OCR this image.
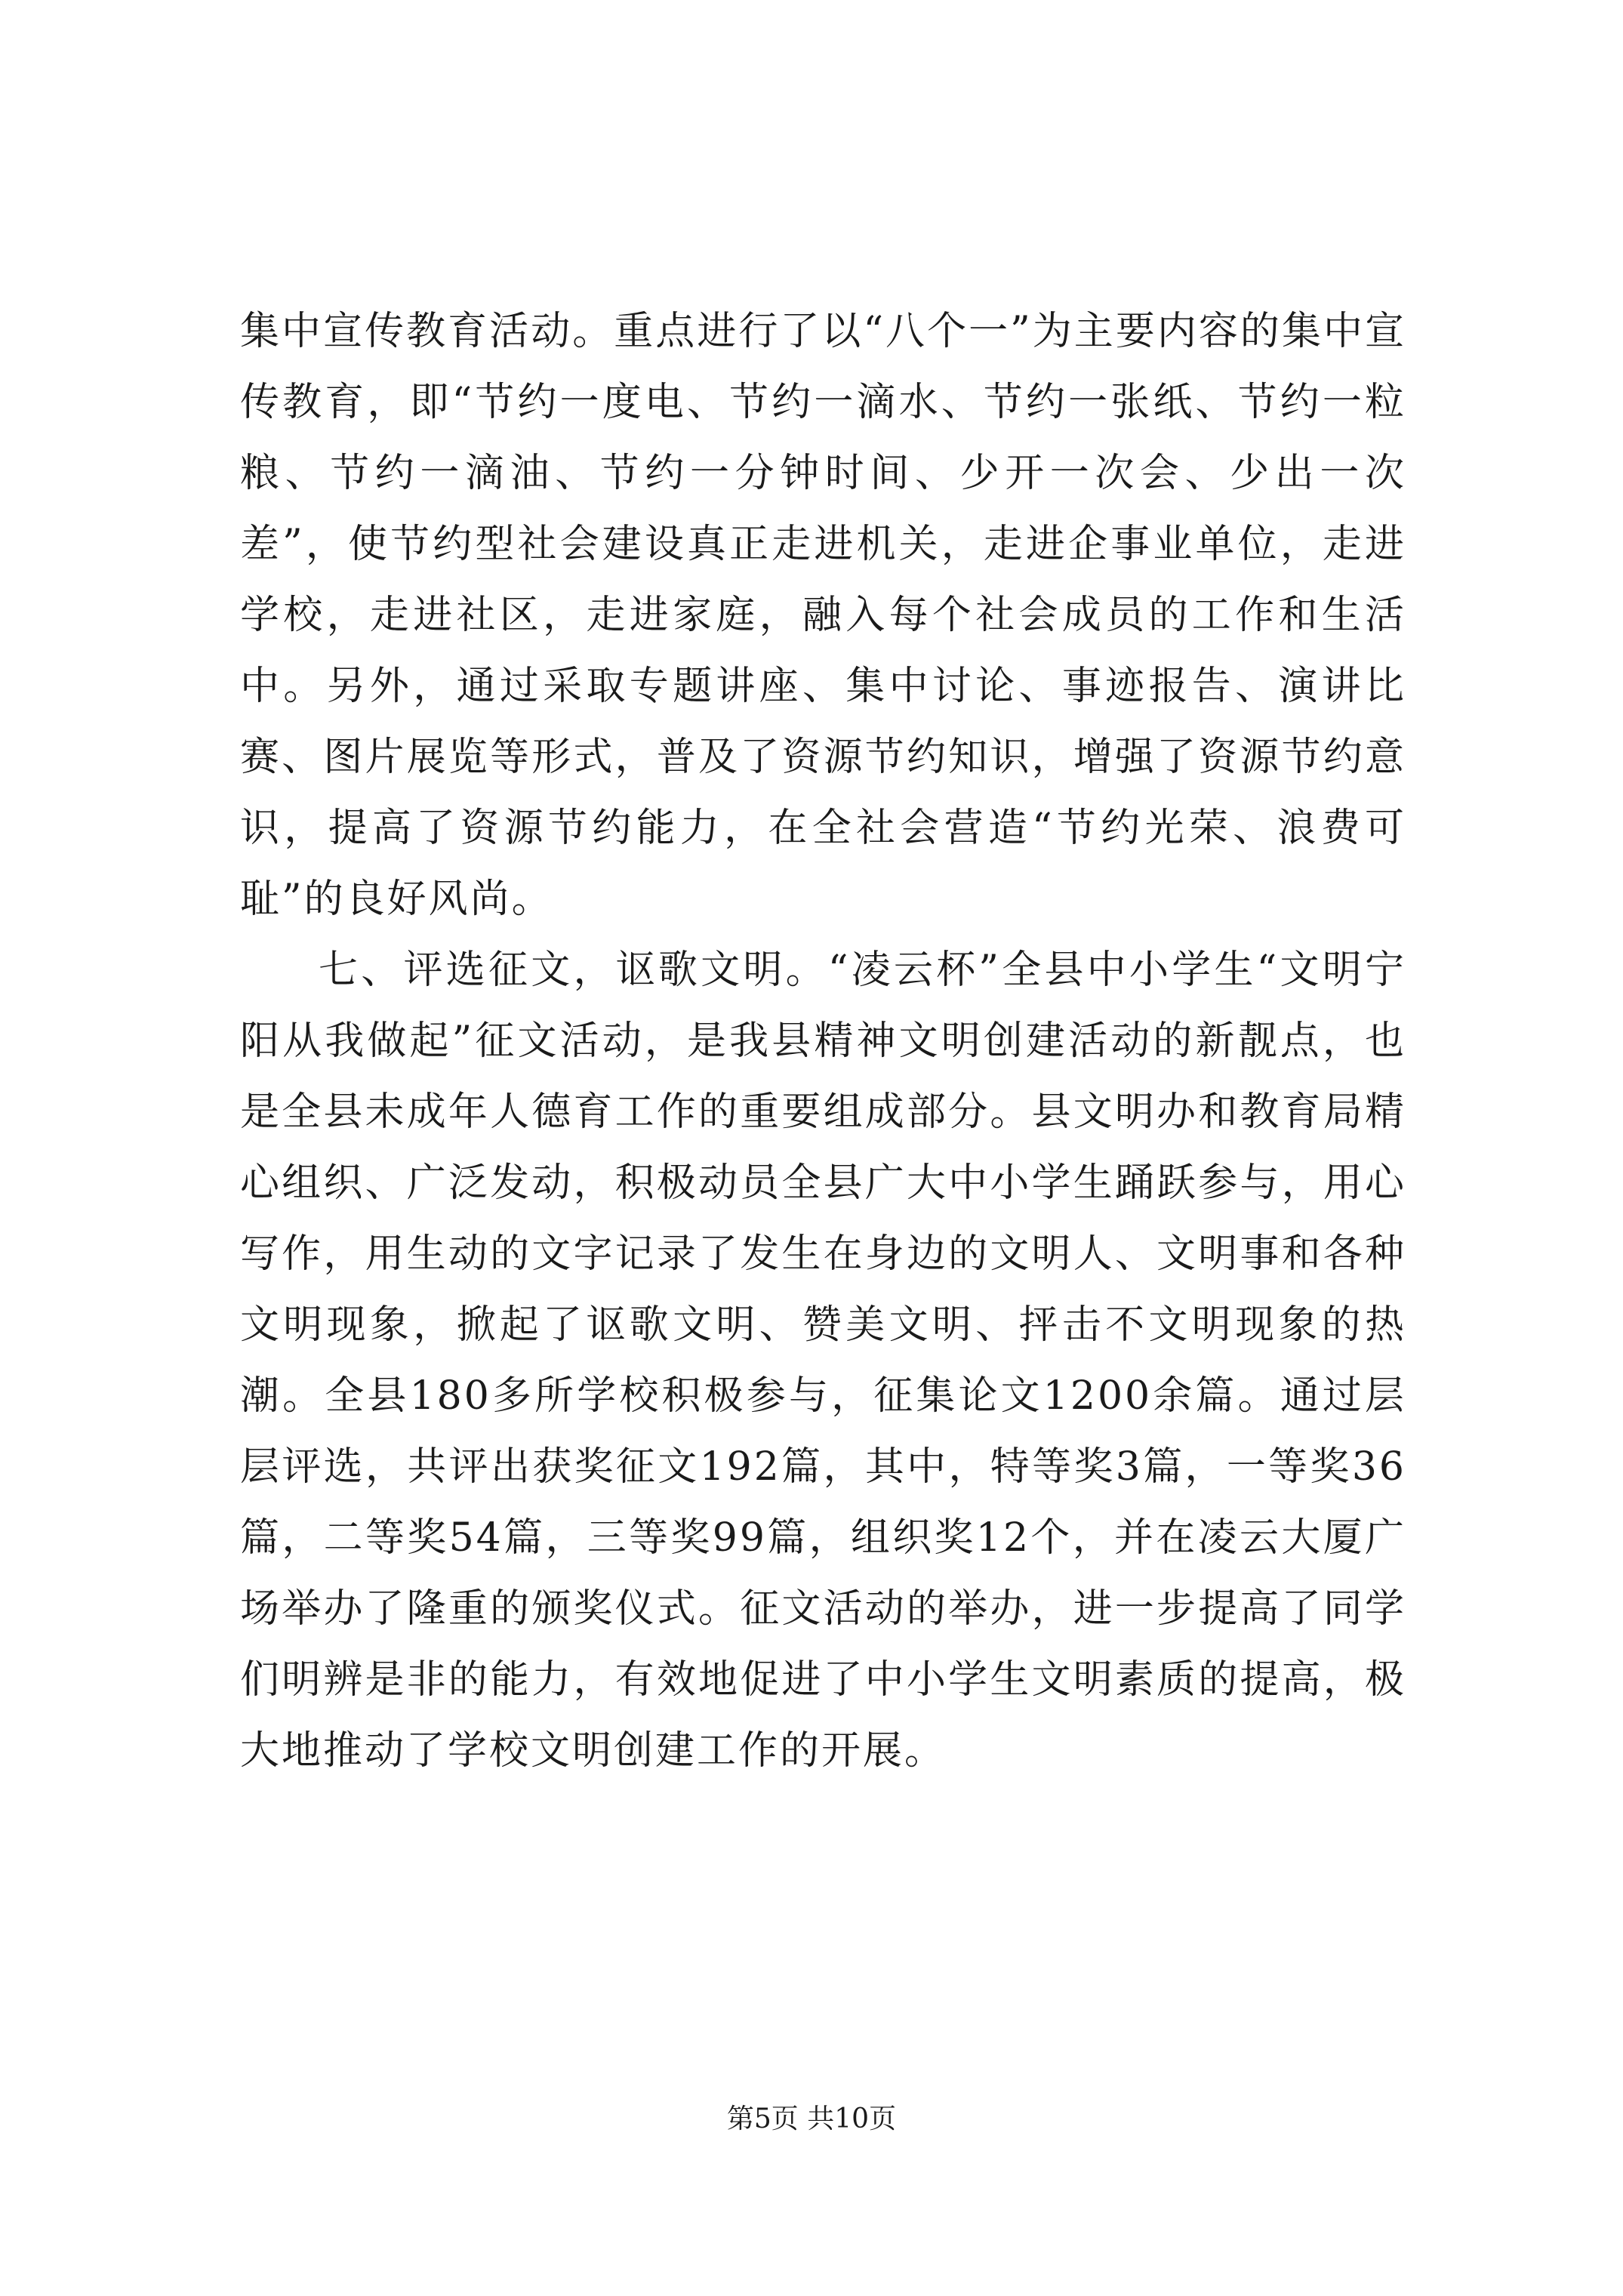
集中宣传教育活动。重点进行了以“八个一”为主要内容的集中宣传教育，即“节约一度电、节约一滴水、节约一张纸、节约一粒粮、节约一滴油、节约一分钟时间、少开一次会、少出一次差”，使节约型社会建设真正走进机关，走进企事业单位，走进学校，走进社区，走进家庭，融入每个社会成员的工作和生活中。另外，通过采取专题讲座、集中讨论、事迹报告、演讲比赛、图片展览等形式，普及了资源节约知识，增强了资源节约意识，提高了资源节约能力，在全社会营造“节约光荣、浪费可耻”的良好风尚。

七、评选征文，讴歌文明。“凌云杯”全县中小学生“文明宁阳从我做起”征文活动，是我县精神文明创建活动的新靓点，也是全县未成年人德育工作的重要组成部分。县文明办和教育局精心组织、广泛发动，积极动员全县广大中小学生踊跃参与，用心写作，用生动的文字记录了发生在身边的文明人、文明事和各种文明现象，掀起了讴歌文明、赞美文明、抨击不文明现象的热潮。全县180多所学校积极参与，征集论文1200余篇。通过层层评选，共评出获奖征文192篇，其中，特等奖3篇，一等奖36篇，二等奖54篇，三等奖99篇，组织奖12个，并在凌云大厦广场举办了隆重的颁奖仪式。征文活动的举办，进一步提高了同学们明辨是非的能力，有效地促进了中小学生文明素质的提高，极大地推动了学校文明创建工作的开展。

第5页 共10页
